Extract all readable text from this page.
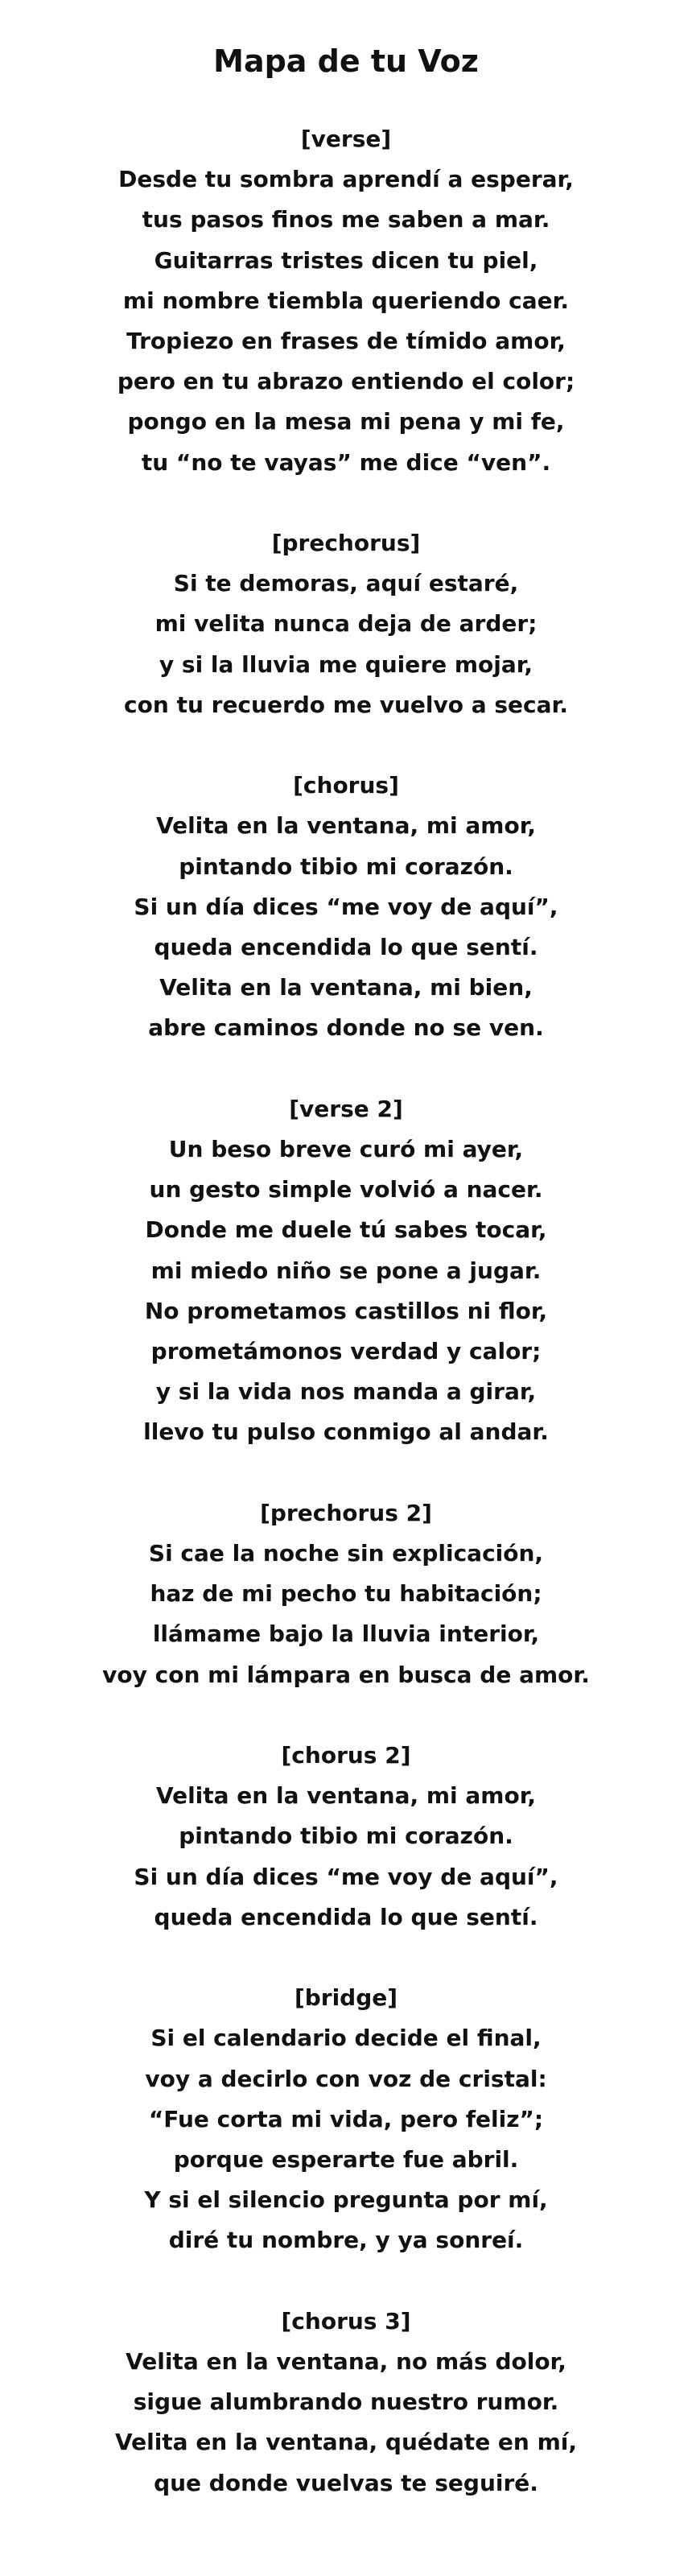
Mapa de tu Voz
[verse]
Desde tu sombra aprendí a esperar,
tus pasos finos me saben a mar.
Guitarras tristes dicen tu piel,
mi nombre tiembla queriendo caer.
Tropiezo en frases de tímido amor,
pero en tu abrazo entiendo el color;
pongo en la mesa mi pena y mi fe,
tu “no te vayas” me dice “ven”.
[prechorus]
Si te demoras, aquí estaré,
mi velita nunca deja de arder;
y si la lluvia me quiere mojar,
con tu recuerdo me vuelvo a secar.
[chorus]
Velita en la ventana, mi amor,
pintando tibio mi corazón.
Si un día dices “me voy de aquí”,
queda encendida lo que sentí.
Velita en la ventana, mi bien,
abre caminos donde no se ven.
[verse 2]
Un beso breve curó mi ayer,
un gesto simple volvió a nacer.
Donde me duele tú sabes tocar,
mi miedo niño se pone a jugar.
No prometamos castillos ni flor,
prometámonos verdad y calor;
y si la vida nos manda a girar,
llevo tu pulso conmigo al andar.
[prechorus 2]
Si cae la noche sin explicación,
haz de mi pecho tu habitación;
llámame bajo la lluvia interior,
voy con mi lámpara en busca de amor.
[chorus 2]
Velita en la ventana, mi amor,
pintando tibio mi corazón.
Si un día dices “me voy de aquí”,
queda encendida lo que sentí.
[bridge]
Si el calendario decide el final,
voy a decirlo con voz de cristal:
“Fue corta mi vida, pero feliz”;
porque esperarte fue abril.
Y si el silencio pregunta por mí,
diré tu nombre, y ya sonreí.
[chorus 3]
Velita en la ventana, no más dolor,
sigue alumbrando nuestro rumor.
Velita en la ventana, quédate en mí,
que donde vuelvas te seguiré.
